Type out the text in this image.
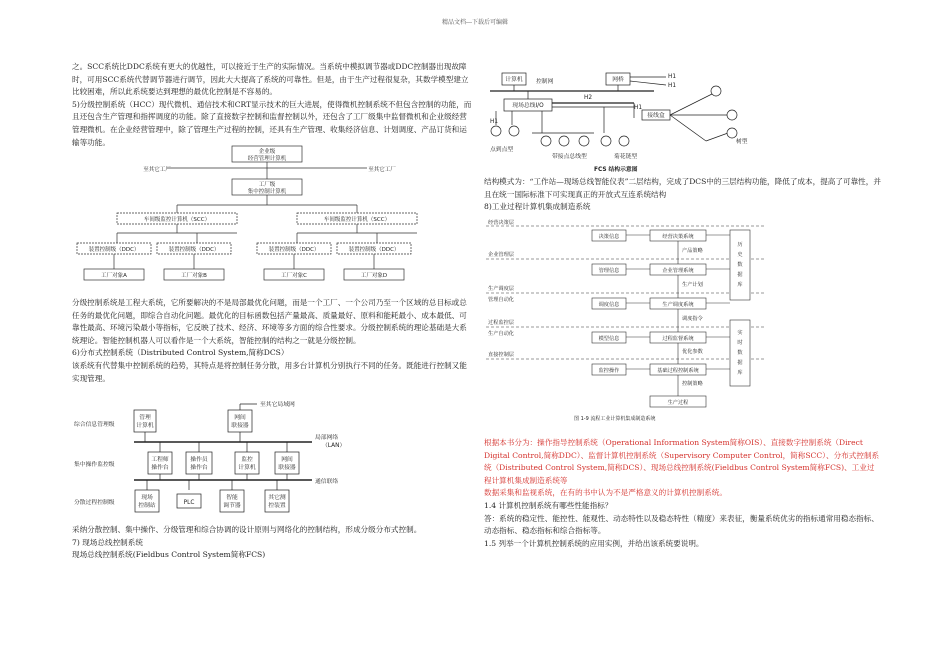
精品文档---下载后可编辑

之。SCC系统比DDC系统有更大的优越性，可以接近于生产的实际情况。当系统中模拟调节器或DDC控制器出现故障时，可用SCC系统代替调节器进行调节，因此大大提高了系统的可靠性。但是，由于生产过程很复杂，其数学模型建立比较困难，所以此系统要达到理想的最优化控制是不容易的。

5)分级控制系统（HCC）现代微机、通信技术和CRT显示技术的巨大进展，使得微机控制系统不但包含控制的功能，而且还包含生产管理和指挥调度的功能。除了直接数字控制和监督控制以外，还包含了工厂级集中监督微机和企业级经营管理微机。在企业经营管理中，除了管理生产过程的控制，还具有生产管理、收集经济信息、计划调度、产品订货和运输等功能。

企业级
经营管理计算机
至其它工厂	至其它工厂
工厂级
集中控制计算机
车间级监控计算机（SCC）	车间级监控计算机（SCC）
装置控制级（DDC）	装置控制级（DDC）	装置控制级（DDC）	装置控制级（DDC）
工厂对象A	工厂对象B	工厂对象C	工厂对象D

分级控制系统是工程大系统，它所要解决的不是局部最优化问题，而是一个工厂、一个公司乃至一个区域的总目标或总任务的最优化问题，即综合自动化问题。最优化的目标函数包括产量最高、质量最好、原料和能耗最小、成本最低、可靠性最高、环境污染最小等指标，它反映了技术、经济、环境等多方面的综合性要求。分级控制系统的理论基础是大系统理论。智能控制机器人可以看作是一个大系统，智能控制的结构之一就是分级控制。

6)分布式控制系统（Distributed Control System,简称DCS）

该系统有代替集中控制系统的趋势，其特点是将控制任务分散，用多台计算机分别执行不同的任务。既能进行控制又能实现管理。

综合信息管理级
集中操作监控级
分散过程控制级
管理
计算机
网间
联接器
至其它局域网
局部网络
（LAN）
工程师
操作台
操作员
操作台
监控
计算机
网间
联接器
通信联络
现场
控制站	PLC
智能
调节器
其它测
控装置

采纳分散控制、集中操作、分级管理和综合协调的设计原则与网络化的控制结构，形成分级分布式控制。

7) 现场总线控制系统

现场总线控制系统(Fieldbus Control System简称FCS)

计算机 控制网	网桥	H1
H1
现场总线I/O
H2
H1
接线盒
H1
点到点型
带接点总线型	菊花链型
树型
FCS 结构示意图

结构模式为：“工作站—现场总线智能仪表”二层结构，完成了DCS中的三层结构功能，降低了成本，提高了可靠性，并且在统一国际标准下可实现真正的开放式互连系统结构

8)工业过程计算机集成制造系统

经营决策层
企业管理层
生产调度层
过程监控层
直接控制层
管理自动化
生产自动化
决策信息
管理信息
调度信息
模型信息
监控操作
经营决策系统
企业管理系统
生产调度系统
过程监督系统
基础过程控制系统
产品策略
生产计划
调度指令
优化参数
控制策略
生产过程
历
史
数
据
库
实
时
数
据
库
图 1-9 流程工业计算机集成制造系统

根据本书分为：操作指导控制系统（Operational Information System简称OIS）、直接数字控制系统（Direct Digital Control,简称DDC）、监督计算机控制系统（Supervisory Computer Control，简称SCC）、分布式控制系统（Distributed Control System,简称DCS）、现场总线控制系统(Fieldbus Control System简称FCS)、工业过程计算机集成制造系统等

数据采集和监视系统，在有的书中认为不是严格意义的计算机控制系统。

1.4 计算机控制系统有哪些性能指标？

答：系统的稳定性、能控性、能观性、动态特性以及稳态特性（精度）来表征，衡量系统优劣的指标通常用稳态指标、动态指标、稳态指标和综合指标等。

1.5 列举一个计算机控制系统的应用实例，并给出该系统要说明。
